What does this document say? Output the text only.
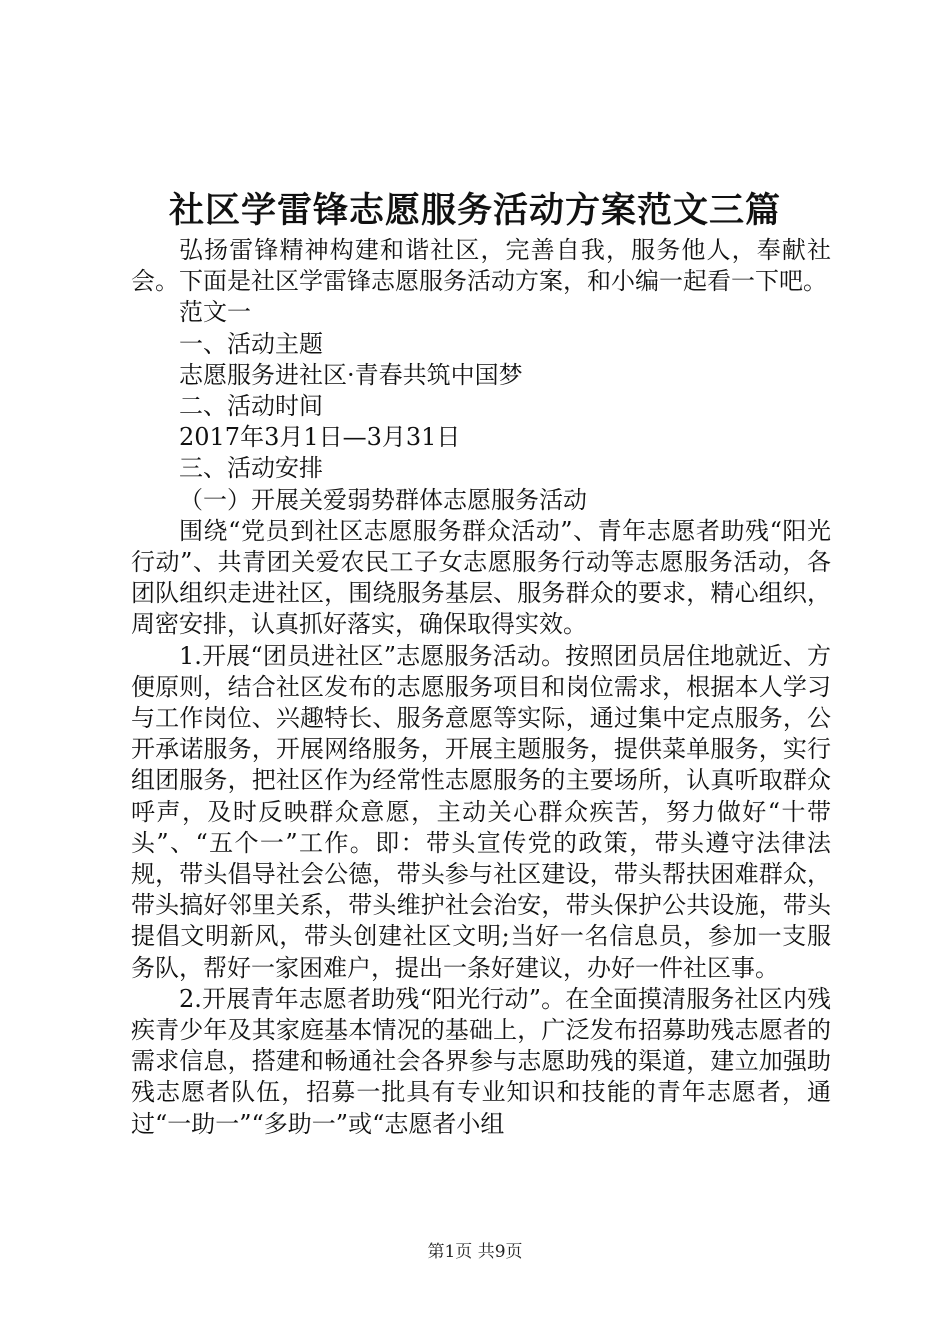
社区学雷锋志愿服务活动方案范文三篇

弘扬雷锋精神构建和谐社区，完善自我，服务他人，奉献社会。下面是社区学雷锋志愿服务活动方案，和小编一起看一下吧。

范文一

一、活动主题

志愿服务进社区·青春共筑中国梦

二、活动时间

2017年3月1日—3月31日

三、活动安排

（一）开展关爱弱势群体志愿服务活动

围绕“党员到社区志愿服务群众活动”、青年志愿者助残“阳光行动”、共青团关爱农民工子女志愿服务行动等志愿服务活动，各团队组织走进社区，围绕服务基层、服务群众的要求，精心组织，周密安排，认真抓好落实，确保取得实效。

1.开展“团员进社区”志愿服务活动。按照团员居住地就近、方便原则，结合社区发布的志愿服务项目和岗位需求，根据本人学习与工作岗位、兴趣特长、服务意愿等实际，通过集中定点服务，公开承诺服务，开展网络服务，开展主题服务，提供菜单服务，实行组团服务，把社区作为经常性志愿服务的主要场所，认真听取群众呼声，及时反映群众意愿，主动关心群众疾苦，努力做好“十带头”、“五个一”工作。即：带头宣传党的政策，带头遵守法律法规，带头倡导社会公德，带头参与社区建设，带头帮扶困难群众，带头搞好邻里关系，带头维护社会治安，带头保护公共设施，带头提倡文明新风，带头创建社区文明;当好一名信息员，参加一支服务队，帮好一家困难户，提出一条好建议，办好一件社区事。

2.开展青年志愿者助残“阳光行动”。在全面摸清服务社区内残疾青少年及其家庭基本情况的基础上，广泛发布招募助残志愿者的需求信息，搭建和畅通社会各界参与志愿助残的渠道，建立加强助残志愿者队伍，招募一批具有专业知识和技能的青年志愿者，通过“一助一”“多助一”或“志愿者小组

第1页 共9页
